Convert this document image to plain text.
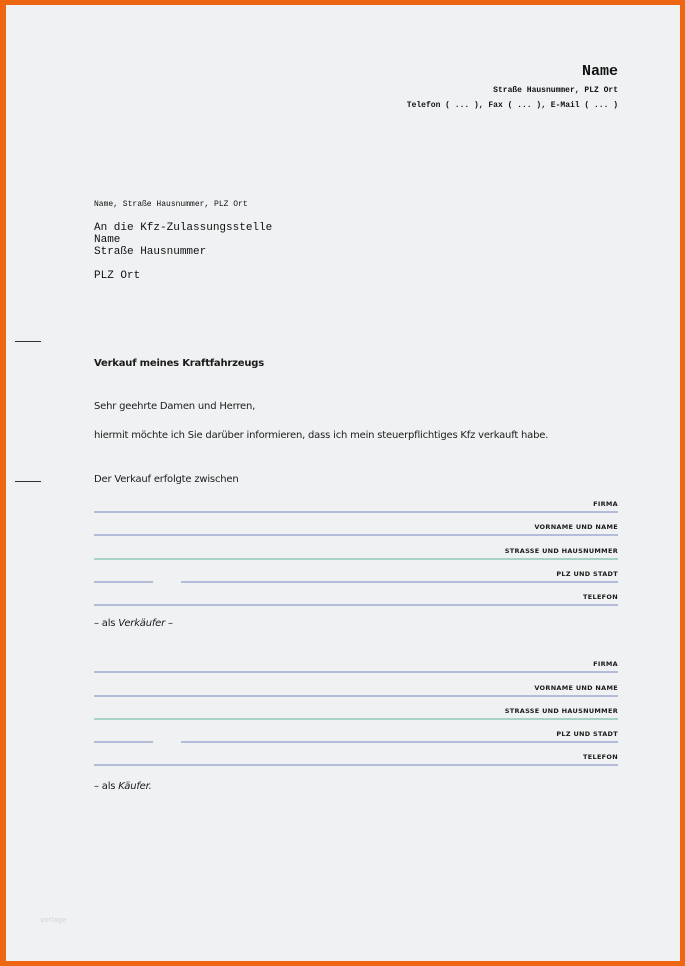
Name
Straße Hausnummer, PLZ Ort
Telefon ( ... ), Fax ( ... ), E-Mail ( ... )
Name, Straße Hausnummer, PLZ Ort
An die Kfz-Zulassungsstelle
Name
Straße Hausnummer
PLZ Ort
Verkauf meines Kraftfahrzeugs
Sehr geehrte Damen und Herren,
hiermit möchte ich Sie darüber informieren, dass ich mein steuerpflichtiges Kfz verkauft habe.
Der Verkauf erfolgte zwischen
FIRMA
VORNAME UND NAME
STRASSE UND HAUSNUMMER
PLZ UND STADT
TELEFON
– als Verkäufer –
FIRMA
VORNAME UND NAME
STRASSE UND HAUSNUMMER
PLZ UND STADT
TELEFON
– als Käufer.
vorlage
